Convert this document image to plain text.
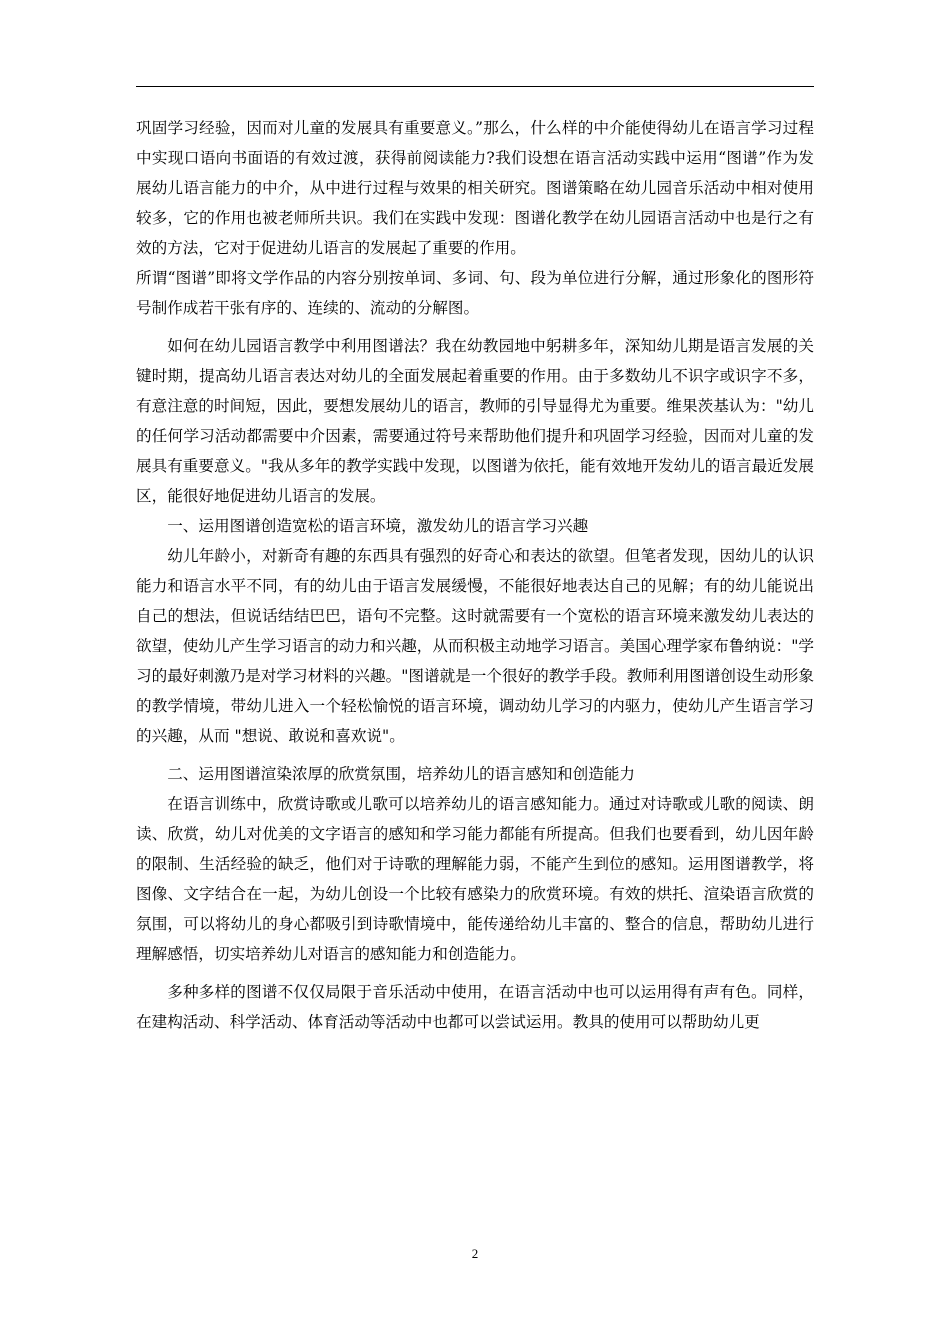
巩固学习经验，因而对儿童的发展具有重要意义。”那么，什么样的中介能使得幼儿在语言学习过程中实现口语向书面语的有效过渡，获得前阅读能力?我们设想在语言活动实践中运用“图谱”作为发展幼儿语言能力的中介，从中进行过程与效果的相关研究。图谱策略在幼儿园音乐活动中相对使用较多，它的作用也被老师所共识。我们在实践中发现：图谱化教学在幼儿园语言活动中也是行之有效的方法，它对于促进幼儿语言的发展起了重要的作用。

所谓“图谱”即将文学作品的内容分别按单词、多词、句、段为单位进行分解，通过形象化的图形符号制作成若干张有序的、连续的、流动的分解图。

如何在幼儿园语言教学中利用图谱法？我在幼教园地中躬耕多年，深知幼儿期是语言发展的关键时期，提高幼儿语言表达对幼儿的全面发展起着重要的作用。由于多数幼儿不识字或识字不多，有意注意的时间短，因此，要想发展幼儿的语言，教师的引导显得尤为重要。维果茨基认为："幼儿的任何学习活动都需要中介因素，需要通过符号来帮助他们提升和巩固学习经验，因而对儿童的发展具有重要意义。"我从多年的教学实践中发现，以图谱为依托，能有效地开发幼儿的语言最近发展区，能很好地促进幼儿语言的发展。

一、运用图谱创造宽松的语言环境，激发幼儿的语言学习兴趣

幼儿年龄小，对新奇有趣的东西具有强烈的好奇心和表达的欲望。但笔者发现，因幼儿的认识能力和语言水平不同，有的幼儿由于语言发展缓慢，不能很好地表达自己的见解；有的幼儿能说出自己的想法，但说话结结巴巴，语句不完整。这时就需要有一个宽松的语言环境来激发幼儿表达的欲望，使幼儿产生学习语言的动力和兴趣，从而积极主动地学习语言。美国心理学家布鲁纳说："学习的最好刺激乃是对学习材料的兴趣。"图谱就是一个很好的教学手段。教师利用图谱创设生动形象的教学情境，带幼儿进入一个轻松愉悦的语言环境，调动幼儿学习的内驱力，使幼儿产生语言学习的兴趣，从而 "想说、敢说和喜欢说"。

二、运用图谱渲染浓厚的欣赏氛围，培养幼儿的语言感知和创造能力

在语言训练中，欣赏诗歌或儿歌可以培养幼儿的语言感知能力。通过对诗歌或儿歌的阅读、朗读、欣赏，幼儿对优美的文字语言的感知和学习能力都能有所提高。但我们也要看到，幼儿因年龄的限制、生活经验的缺乏，他们对于诗歌的理解能力弱，不能产生到位的感知。运用图谱教学，将图像、文字结合在一起，为幼儿创设一个比较有感染力的欣赏环境。有效的烘托、渲染语言欣赏的氛围，可以将幼儿的身心都吸引到诗歌情境中，能传递给幼儿丰富的、整合的信息，帮助幼儿进行理解感悟，切实培养幼儿对语言的感知能力和创造能力。

多种多样的图谱不仅仅局限于音乐活动中使用，在语言活动中也可以运用得有声有色。同样，在建构活动、科学活动、体育活动等活动中也都可以尝试运用。教具的使用可以帮助幼儿更

2
